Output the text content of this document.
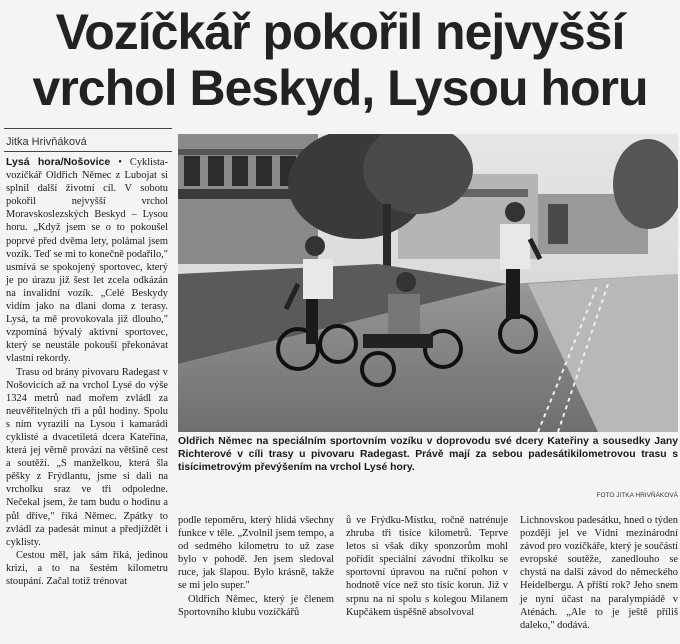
Vozíčkář pokořil nejvyšší
vrchol Beskyd, Lysou horu
Jitka Hrivňáková

Lysá hora/Nošovice • Cyklista-vozíčkář Oldřich Němec z Lubojat si splnil další životní cíl. V sobotu pokořil nejvyšší vrchol Moravskoslezských Beskyd – Lysou horu. „Když jsem se o to pokoušel poprvé před dvěma lety, polámal jsem vozík. Teď se mi to konečně podařilo," usmívá se spokojený sportovec, který je po úrazu již šest let zcela odkázán na invalidní vozík. „Celé Beskydy vidím jako na dlani doma z terasy. Lysá, ta mě provokovala již dlouho," vzpomíná bývalý aktivní sportovec, který se neustále pokouší překonávat vlastní rekordy.

Trasu od brány pivovaru Radegast v Nošovicích až na vrchol Lysé do výše 1324 metrů nad mořem zvládl za neuvěřitelných tři a půl hodiny. Spolu s ním vyrazili na Lysou i kamarádi cyklisté a dvacetiletá dcera Kateřina, která jej věrně provází na většině cest a soutěží. „S manželkou, která šla pěšky z Frýdlantu, jsme si dali na vrcholku sraz ve tři odpoledne. Nečekal jsem, že tam budu o hodinu a půl dříve," říká Němec. Zpátky to zvládl za padesát minut a předjíždět i cyklisty.

Cestou měl, jak sám říká, jedinou krizi, a to na šestém kilometru stoupání. Začal totiž trénovat

Oldřich Němec na speciálním sportovním vozíku v doprovodu své dcery Kateřiny a sousedky Jany Richterové v cíli trasy u pivovaru Radegast. Právě mají za sebou padesátikilometrovou trasu s tisícimetrovým převýšením na vrchol Lysé hory.
FOTO JITKA HRIVŇÁKOVÁ

podle tepoměru, který hlídá všechny funkce v těle. „Zvolnil jsem tempo, a od sedmého kilometru to už zase bylo v pohodě. Jen jsem sledoval ruce, jak šlapou. Bylo krásně, takže se mi jelo super."

Oldřich Němec, který je členem Sportovního klubu vozíčkářů

ů ve Frýdku-Místku, ročně natrénuje zhruba tři tisíce kilometrů. Teprve letos si však díky sponzorům mohl pořídit speciální závodní tříkolku se sportovní úpravou na ruční pohon v hodnotě více než sto tisíc korun. Již v srpnu na ni spolu s kolegou Milanem Kupčákem úspěšně absolvoval

Lichnovskou padesátku, hned o týden později jel ve Vídni mezinárodní závod pro vozíčkáře, který je součástí evropské soutěže, zanedlouho se chystá na další závod do německého Heidelbergu. A příští rok? Jeho snem je nyní účast na paralympiádě v Aténách. „Ale to je ještě příliš daleko," dodává.
